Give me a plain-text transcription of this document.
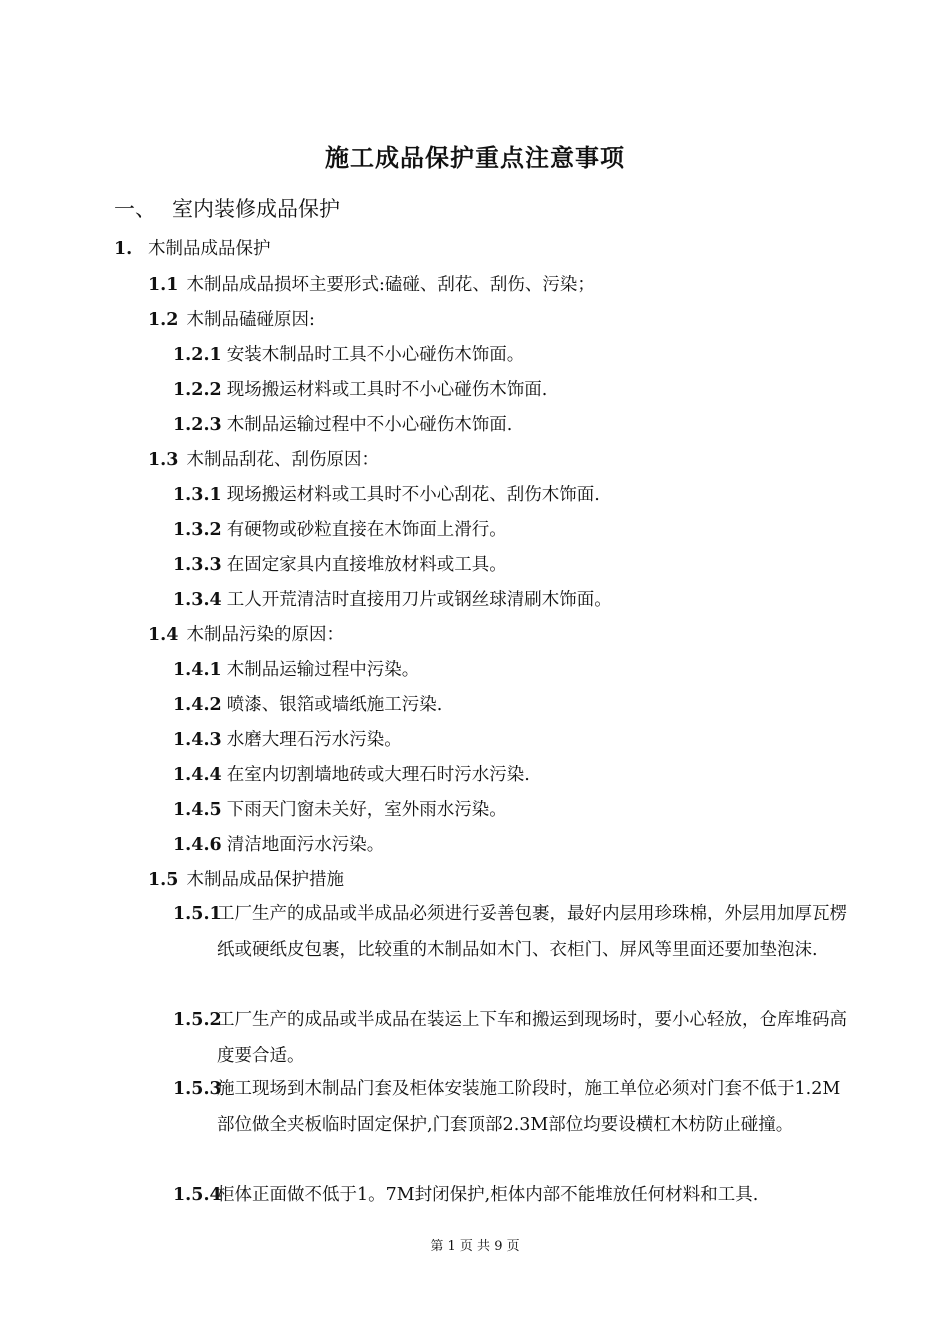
施工成品保护重点注意事项
一、 室内装修成品保护
1. 木制品成品保护
1.1 木制品成品损坏主要形式:磕碰、刮花、刮伤、污染；
1.2 木制品磕碰原因:
1.2.1 安装木制品时工具不小心碰伤木饰面。
1.2.2 现场搬运材料或工具时不小心碰伤木饰面.
1.2.3 木制品运输过程中不小心碰伤木饰面.
1.3 木制品刮花、刮伤原因：
1.3.1 现场搬运材料或工具时不小心刮花、刮伤木饰面.
1.3.2 有硬物或砂粒直接在木饰面上滑行。
1.3.3 在固定家具内直接堆放材料或工具。
1.3.4 工人开荒清洁时直接用刀片或钢丝球清刷木饰面。
1.4 木制品污染的原因：
1.4.1 木制品运输过程中污染。
1.4.2 喷漆、银箔或墙纸施工污染.
1.4.3 水磨大理石污水污染。
1.4.4 在室内切割墙地砖或大理石时污水污染.
1.4.5 下雨天门窗未关好，室外雨水污染。
1.4.6 清洁地面污水污染。
1.5 木制品成品保护措施
1.5.1
工厂生产的成品或半成品必须进行妥善包裹，最好内层用珍珠棉，外层用加厚瓦楞纸或硬纸皮包裹，比较重的木制品如木门、衣柜门、屏风等里面还要加垫泡沫.
1.5.2
工厂生产的成品或半成品在装运上下车和搬运到现场时，要小心轻放，仓库堆码高度要合适。
1.5.3
施工现场到木制品门套及柜体安装施工阶段时，施工单位必须对门套不低于1.2M部位做全夹板临时固定保护,门套顶部2.3M部位均要设横杠木枋防止碰撞。
1.5.4
柜体正面做不低于1。7M封闭保护,柜体内部不能堆放任何材料和工具.
第 1 页 共 9 页
